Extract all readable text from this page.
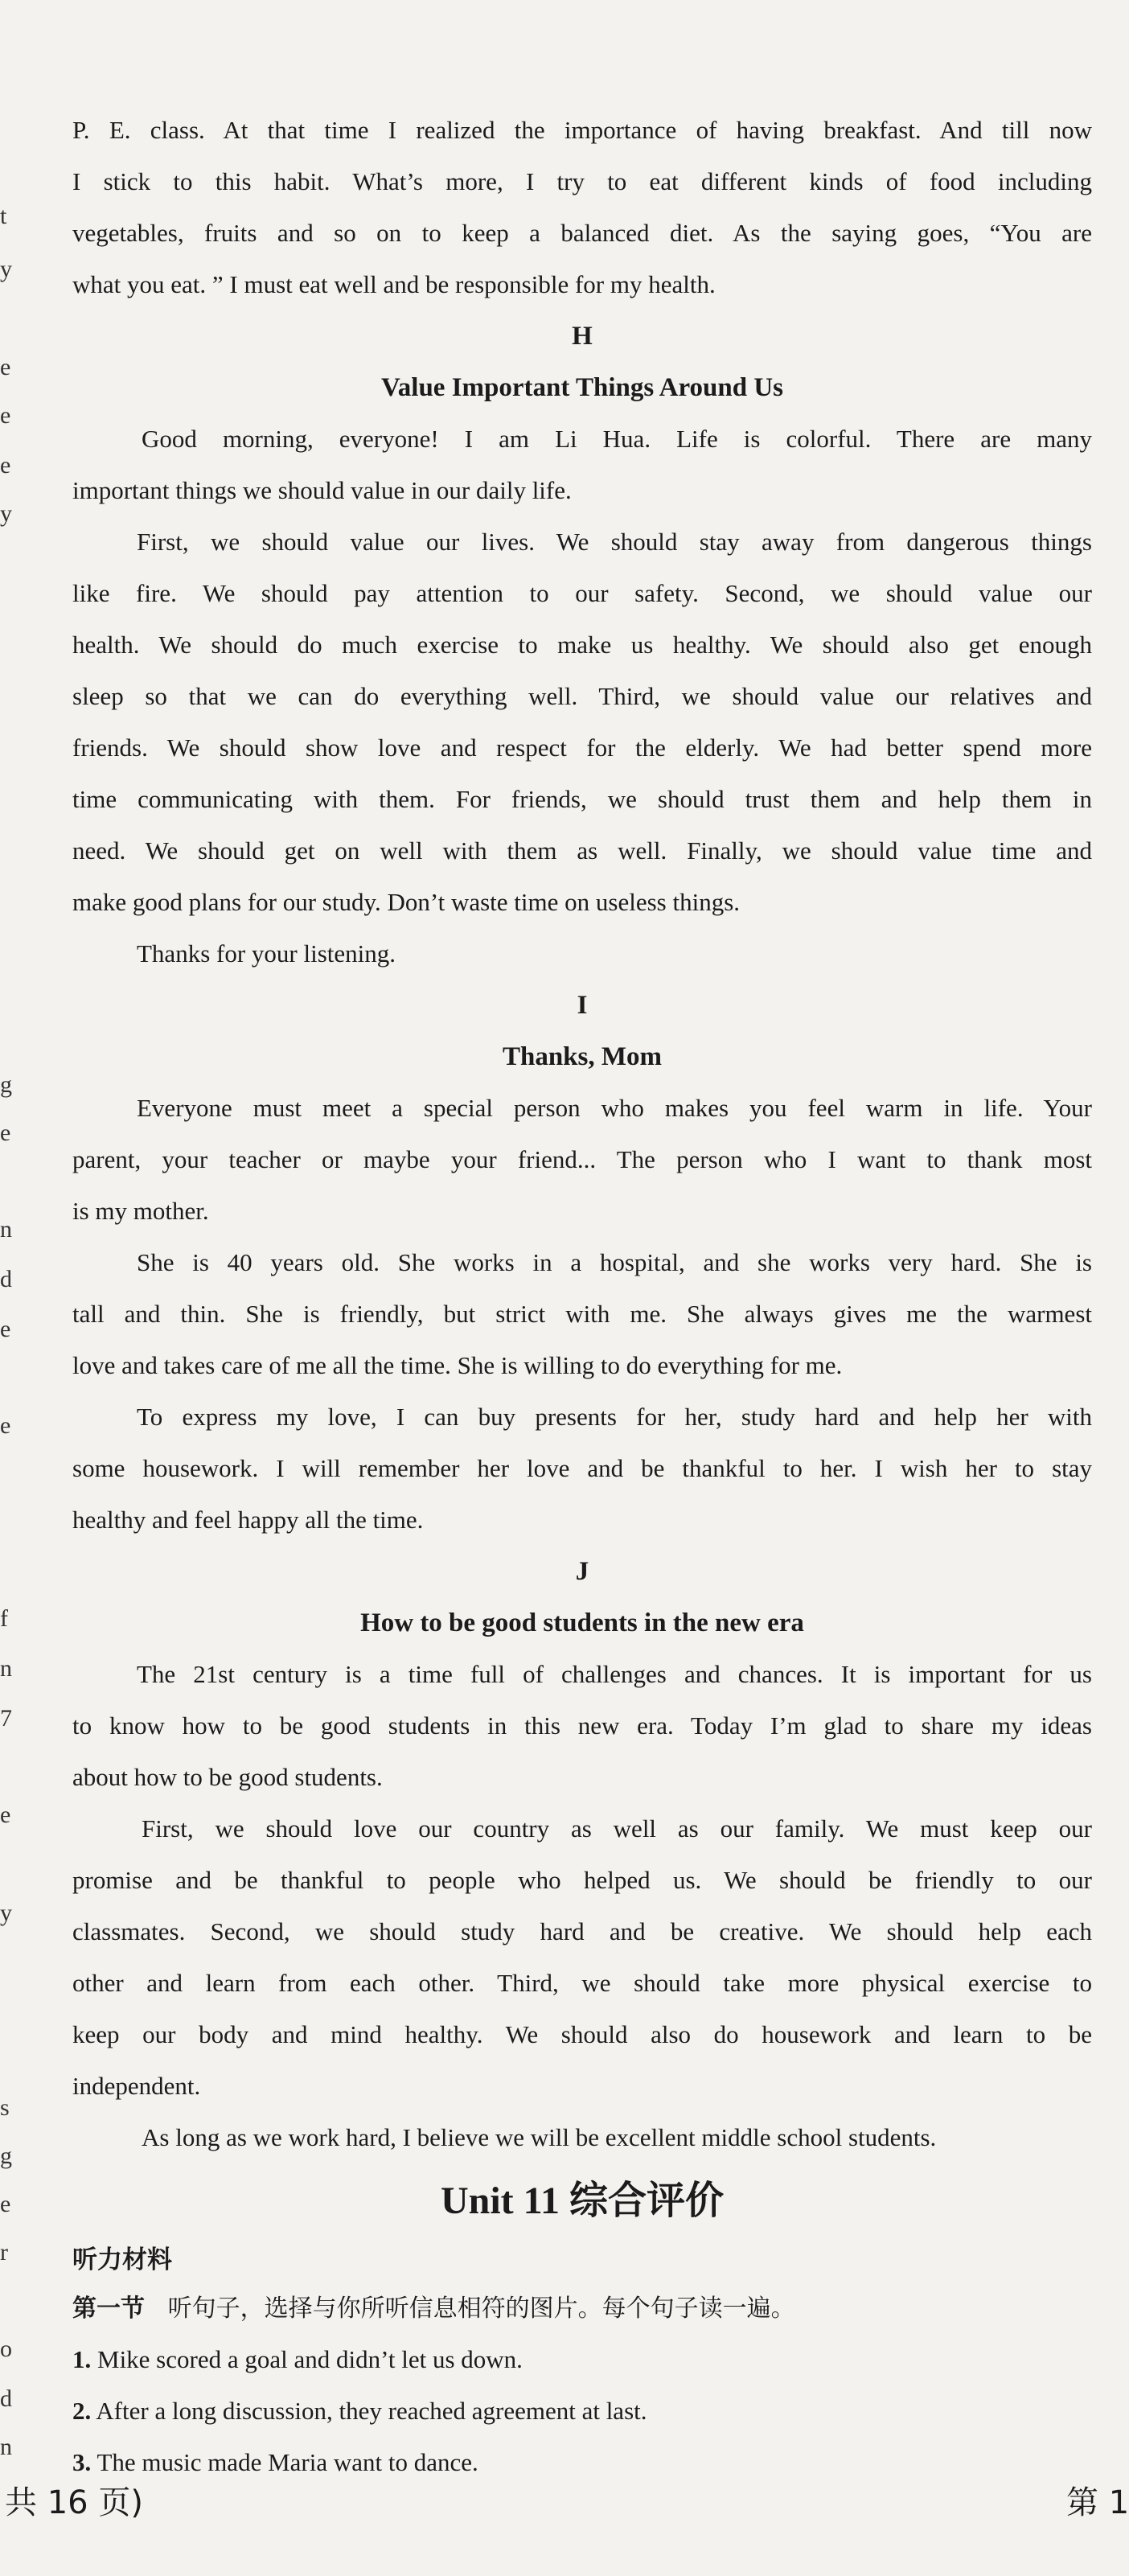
t
y
e
e
e
y
g
e
n
d
e
e
f
n
7
e
y
s
g
e
r
o
d
n
P. E. class. At that time I realized the importance of having breakfast. And till now
I stick to this habit. What’s more, I try to eat different kinds of food including
vegetables, fruits and so on to keep a balanced diet. As the saying goes, “You are
what you eat. ” I must eat well and be responsible for my health.
H
Value Important Things Around Us
Good morning, everyone! I am Li Hua. Life is colorful. There are many
important things we should value in our daily life.
First, we should value our lives. We should stay away from dangerous things
like fire. We should pay attention to our safety. Second, we should value our
health. We should do much exercise to make us healthy. We should also get enough
sleep so that we can do everything well. Third, we should value our relatives and
friends. We should show love and respect for the elderly. We had better spend more
time communicating with them. For friends, we should trust them and help them in
need. We should get on well with them as well. Finally, we should value time and
make good plans for our study. Don’t waste time on useless things.
Thanks for your listening.
I
Thanks, Mom
Everyone must meet a special person who makes you feel warm in life. Your
parent, your teacher or maybe your friend... The person who I want to thank most
is my mother.
She is 40 years old. She works in a hospital, and she works very hard. She is
tall and thin. She is friendly, but strict with me. She always gives me the warmest
love and takes care of me all the time. She is willing to do everything for me.
To express my love, I can buy presents for her, study hard and help her with
some housework. I will remember her love and be thankful to her. I wish her to stay
healthy and feel happy all the time.
J
How to be good students in the new era
The 21st century is a time full of challenges and chances. It is important for us
to know how to be good students in this new era. Today I’m glad to share my ideas
about how to be good students.
First, we should love our country as well as our family. We must keep our
promise and be thankful to people who helped us. We should be friendly to our
classmates. Second, we should study hard and be creative. We should help each
other and learn from each other. Third, we should take more physical exercise to
keep our body and mind healthy. We should also do housework and learn to be
independent.
As long as we work hard, I believe we will be excellent middle school students.
Unit 11 综合评价
听力材料
第一节 听句子，选择与你所听信息相符的图片。每个句子读一遍。
1. Mike scored a goal and didn’t let us down.
2. After a long discussion, they reached agreement at last.
3. The music made Maria want to dance.
共 16 页)	第 1
